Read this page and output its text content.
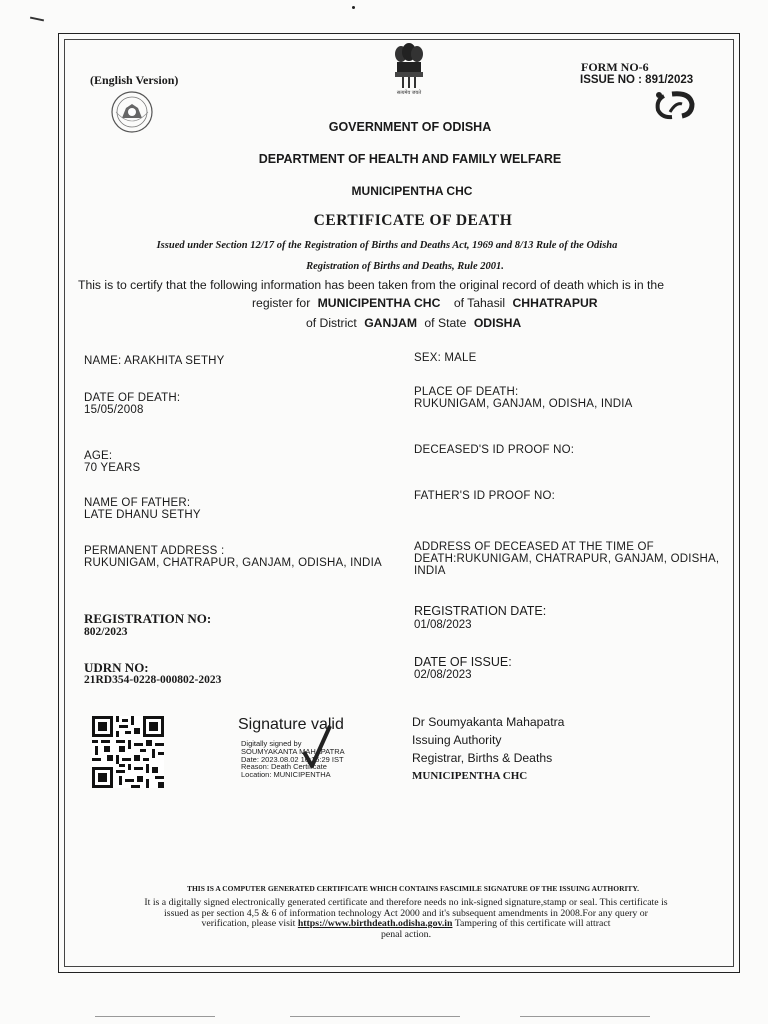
(English Version)
सत्यमेव जयते
FORM NO-6
ISSUE NO : 891/2023
GOVERNMENT OF ODISHA
DEPARTMENT OF HEALTH AND FAMILY WELFARE
MUNICIPENTHA CHC
CERTIFICATE OF DEATH
Issued under Section 12/17 of the Registration of Births and Deaths Act, 1969 and 8/13 Rule of the Odisha
Registration of Births and Deaths, Rule 2001.
This is to certify that the following information has been taken from the original record of death which is in the
register for MUNICIPENTHA CHC of Tahasil CHHATRAPUR
of District GANJAM of State ODISHA
NAME: ARAKHITA SETHY
DATE OF DEATH:
15/05/2008
AGE:
70 YEARS
NAME OF FATHER:
LATE DHANU SETHY
PERMANENT ADDRESS :
RUKUNIGAM, CHATRAPUR, GANJAM, ODISHA, INDIA
REGISTRATION NO:
802/2023
UDRN NO:
21RD354-0228-000802-2023
SEX: MALE
PLACE OF DEATH:
RUKUNIGAM, GANJAM, ODISHA, INDIA
DECEASED'S ID PROOF NO:
FATHER'S ID PROOF NO:
ADDRESS OF DECEASED AT THE TIME OF
DEATH:RUKUNIGAM, CHATRAPUR, GANJAM, ODISHA,
INDIA
REGISTRATION DATE:
01/08/2023
DATE OF ISSUE:
02/08/2023
Signature valid
Digitally signed by
SOUMYAKANTA MAHAPATRA
Date: 2023.08.02 16:15:29 IST
Reason: Death Certificate
Location: MUNICIPENTHA
Dr Soumyakanta Mahapatra
Issuing Authority
Registrar, Births & Deaths
MUNICIPENTHA CHC
THIS IS A COMPUTER GENERATED CERTIFICATE WHICH CONTAINS FASCIMILE SIGNATURE OF THE ISSUING AUTHORITY.
It is a digitally signed electronically generated certificate and therefore needs no ink-signed signature,stamp or seal. This certificate is
issued as per section 4,5 & 6 of information technology Act 2000 and it's subsequent amendments in 2008.For any query or
verification, please visit https://www.birthdeath.odisha.gov.in Tampering of this certificate will attract
penal action.
